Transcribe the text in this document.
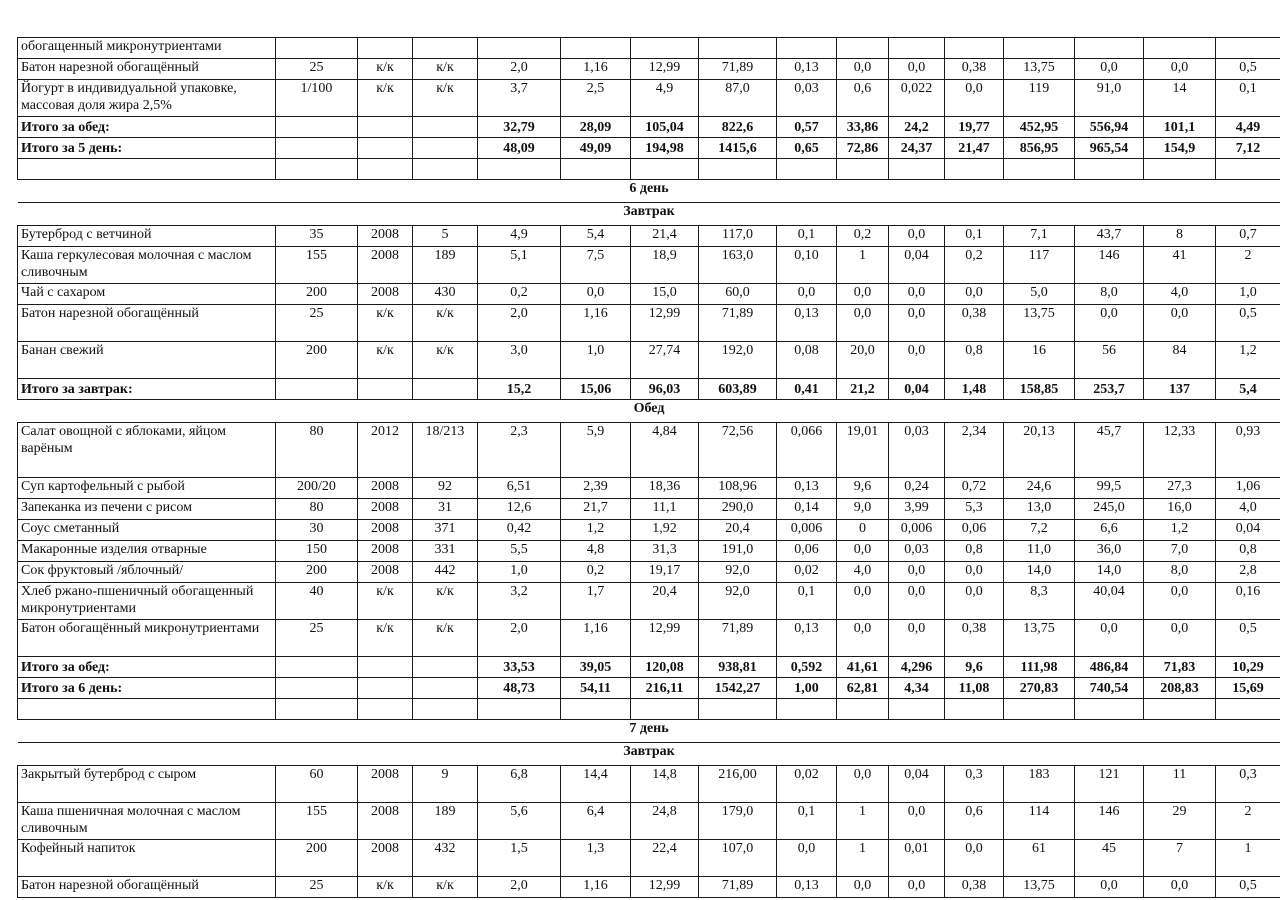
обогащенный микронутриентами															
Батон нарезной обогащённый	25	к/к	к/к	2,0	1,16	12,99	71,89	0,13	0,0	0,0	0,38	13,75	0,0	0,0	0,5
Йогурт в индивидуальной упаковке, массовая доля жира 2,5%	1/100	к/к	к/к	3,7	2,5	4,9	87,0	0,03	0,6	0,022	0,0	119	91,0	14	0,1
Итого за обед:				32,79	28,09	105,04	822,6	0,57	33,86	24,2	19,77	452,95	556,94	101,1	4,49
Итого за 5 день:				48,09	49,09	194,98	1415,6	0,65	72,86	24,37	21,47	856,95	965,54	154,9	7,12

6 день															
Завтрак															
Бутерброд с ветчиной	35	2008	5	4,9	5,4	21,4	117,0	0,1	0,2	0,0	0,1	7,1	43,7	8	0,7
Каша геркулесовая молочная с маслом сливочным	155	2008	189	5,1	7,5	18,9	163,0	0,10	1	0,04	0,2	117	146	41	2
Чай с сахаром	200	2008	430	0,2	0,0	15,0	60,0	0,0	0,0	0,0	0,0	5,0	8,0	4,0	1,0
Батон нарезной обогащённый	25	к/к	к/к	2,0	1,16	12,99	71,89	0,13	0,0	0,0	0,38	13,75	0,0	0,0	0,5
Банан свежий	200	к/к	к/к	3,0	1,0	27,74	192,0	0,08	20,0	0,0	0,8	16	56	84	1,2
Итого за завтрак:				15,2	15,06	96,03	603,89	0,41	21,2	0,04	1,48	158,85	253,7	137	5,4
Обед															
Салат овощной с яблоками, яйцом варёным	80	2012	18/213	2,3	5,9	4,84	72,56	0,066	19,01	0,03	2,34	20,13	45,7	12,33	0,93
Суп картофельный с рыбой	200/20	2008	92	6,51	2,39	18,36	108,96	0,13	9,6	0,24	0,72	24,6	99,5	27,3	1,06
Запеканка из печени с рисом	80	2008	31	12,6	21,7	11,1	290,0	0,14	9,0	3,99	5,3	13,0	245,0	16,0	4,0
Соус сметанный	30	2008	371	0,42	1,2	1,92	20,4	0,006	0	0,006	0,06	7,2	6,6	1,2	0,04
Макаронные изделия отварные	150	2008	331	5,5	4,8	31,3	191,0	0,06	0,0	0,03	0,8	11,0	36,0	7,0	0,8
Сок фруктовый /яблочный/	200	2008	442	1,0	0,2	19,17	92,0	0,02	4,0	0,0	0,0	14,0	14,0	8,0	2,8
Хлеб ржано-пшеничный обогащенный микронутриентами	40	к/к	к/к	3,2	1,7	20,4	92,0	0,1	0,0	0,0	0,0	8,3	40,04	0,0	0,16
Батон обогащённый микронутриентами	25	к/к	к/к	2,0	1,16	12,99	71,89	0,13	0,0	0,0	0,38	13,75	0,0	0,0	0,5
Итого за обед:				33,53	39,05	120,08	938,81	0,592	41,61	4,296	9,6	111,98	486,84	71,83	10,29
Итого за 6 день:				48,73	54,11	216,11	1542,27	1,00	62,81	4,34	11,08	270,83	740,54	208,83	15,69

7 день															
Завтрак															
Закрытый бутерброд с сыром	60	2008	9	6,8	14,4	14,8	216,00	0,02	0,0	0,04	0,3	183	121	11	0,3
Каша пшеничная молочная с маслом сливочным	155	2008	189	5,6	6,4	24,8	179,0	0,1	1	0,0	0,6	114	146	29	2
Кофейный напиток	200	2008	432	1,5	1,3	22,4	107,0	0,0	1	0,01	0,0	61	45	7	1
Батон нарезной обогащённый	25	к/к	к/к	2,0	1,16	12,99	71,89	0,13	0,0	0,0	0,38	13,75	0,0	0,0	0,5
